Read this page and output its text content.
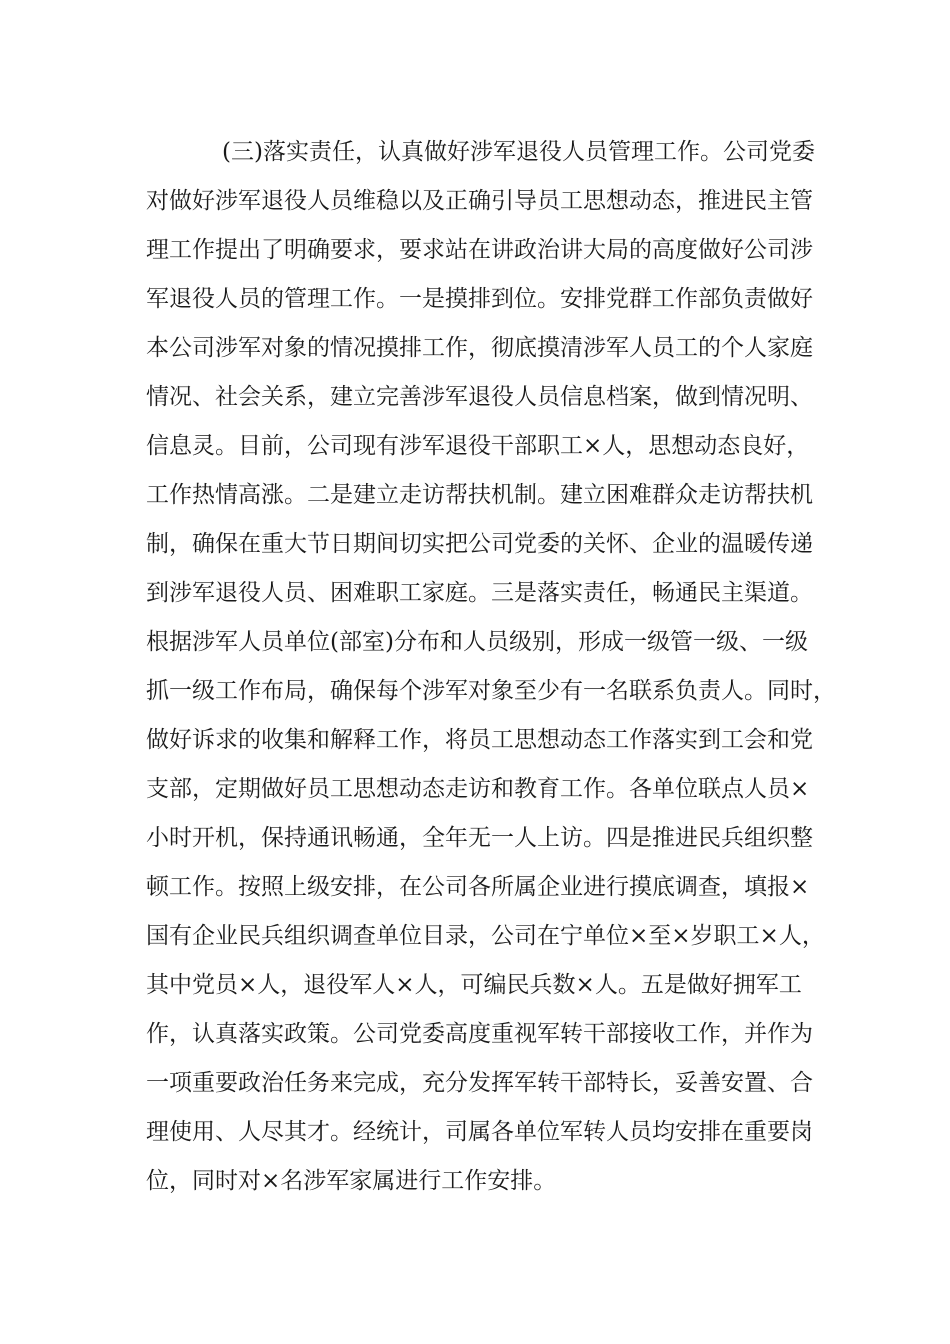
(三)落实责任，认真做好涉军退役人员管理工作。公司党委
对做好涉军退役人员维稳以及正确引导员工思想动态，推进民主管
理工作提出了明确要求，要求站在讲政治讲大局的高度做好公司涉
军退役人员的管理工作。一是摸排到位。安排党群工作部负责做好
本公司涉军对象的情况摸排工作，彻底摸清涉军人员工的个人家庭
情况、社会关系，建立完善涉军退役人员信息档案，做到情况明、
信息灵。目前，公司现有涉军退役干部职工×人，思想动态良好，
工作热情高涨。二是建立走访帮扶机制。建立困难群众走访帮扶机
制，确保在重大节日期间切实把公司党委的关怀、企业的温暖传递
到涉军退役人员、困难职工家庭。三是落实责任，畅通民主渠道。
根据涉军人员单位(部室)分布和人员级别，形成一级管一级、一级
抓一级工作布局，确保每个涉军对象至少有一名联系负责人。同时，
做好诉求的收集和解释工作，将员工思想动态工作落实到工会和党
支部，定期做好员工思想动态走访和教育工作。各单位联点人员×
小时开机，保持通讯畅通，全年无一人上访。四是推进民兵组织整
顿工作。按照上级安排，在公司各所属企业进行摸底调查，填报×
国有企业民兵组织调查单位目录，公司在宁单位×至×岁职工×人，
其中党员×人，退役军人×人，可编民兵数×人。五是做好拥军工
作，认真落实政策。公司党委高度重视军转干部接收工作，并作为
一项重要政治任务来完成，充分发挥军转干部特长，妥善安置、合
理使用、人尽其才。经统计，司属各单位军转人员均安排在重要岗
位，同时对×名涉军家属进行工作安排。
